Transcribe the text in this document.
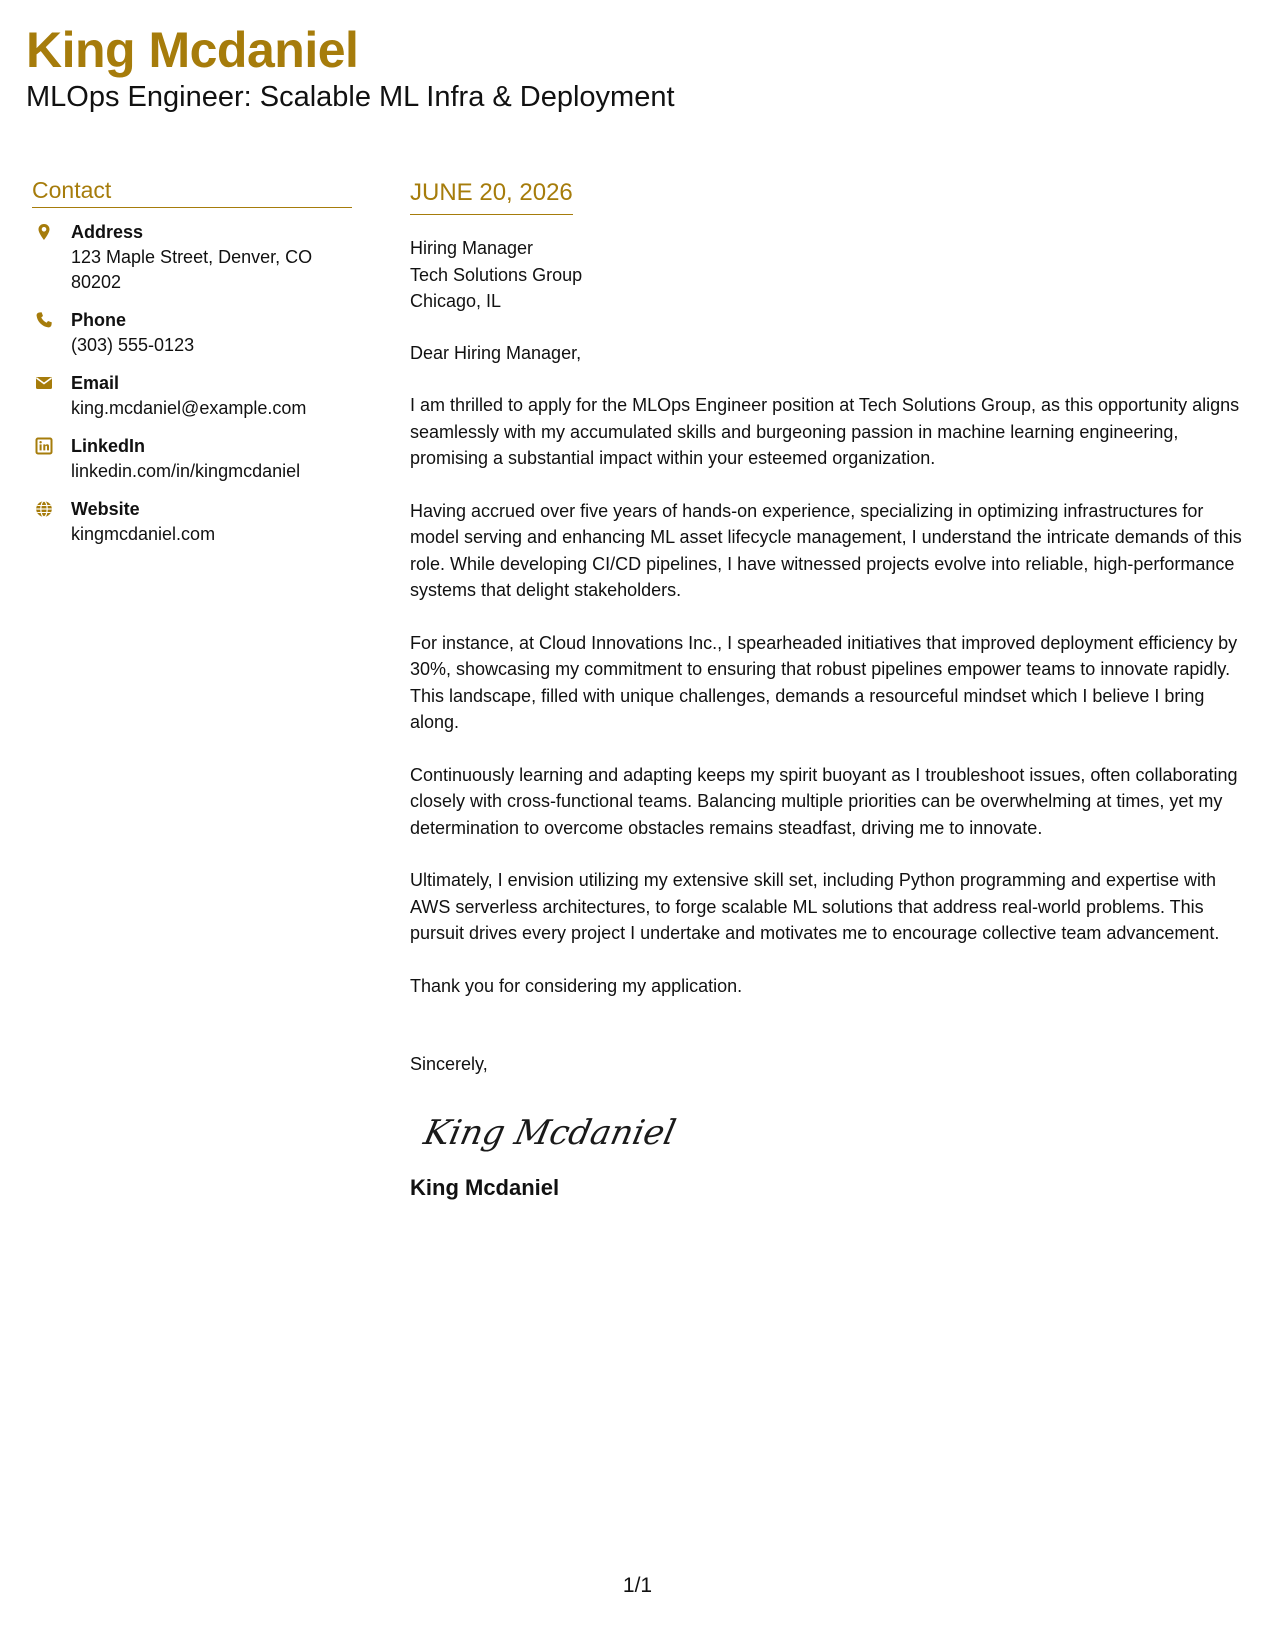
King Mcdaniel
MLOps Engineer: Scalable ML Infra & Deployment
Contact
Address
123 Maple Street, Denver, CO 80202
Phone
(303) 555-0123
Email
king.mcdaniel@example.com
LinkedIn
linkedin.com/in/kingmcdaniel
Website
kingmcdaniel.com
JUNE 20, 2026
Hiring Manager
Tech Solutions Group
Chicago, IL

Dear Hiring Manager,

I am thrilled to apply for the MLOps Engineer position at Tech Solutions Group, as this opportunity aligns seamlessly with my accumulated skills and burgeoning passion in machine learning engineering, promising a substantial impact within your esteemed organization.

Having accrued over five years of hands-on experience, specializing in optimizing infrastructures for model serving and enhancing ML asset lifecycle management, I understand the intricate demands of this role. While developing CI/CD pipelines, I have witnessed projects evolve into reliable, high-performance systems that delight stakeholders.

For instance, at Cloud Innovations Inc., I spearheaded initiatives that improved deployment efficiency by 30%, showcasing my commitment to ensuring that robust pipelines empower teams to innovate rapidly. This landscape, filled with unique challenges, demands a resourceful mindset which I believe I bring along.

Continuously learning and adapting keeps my spirit buoyant as I troubleshoot issues, often collaborating closely with cross-functional teams. Balancing multiple priorities can be overwhelming at times, yet my determination to overcome obstacles remains steadfast, driving me to innovate.

Ultimately, I envision utilizing my extensive skill set, including Python programming and expertise with AWS serverless architectures, to forge scalable ML solutions that address real-world problems. This pursuit drives every project I undertake and motivates me to encourage collective team advancement.

Thank you for considering my application.

Sincerely,

King Mcdaniel
King Mcdaniel
1/1
